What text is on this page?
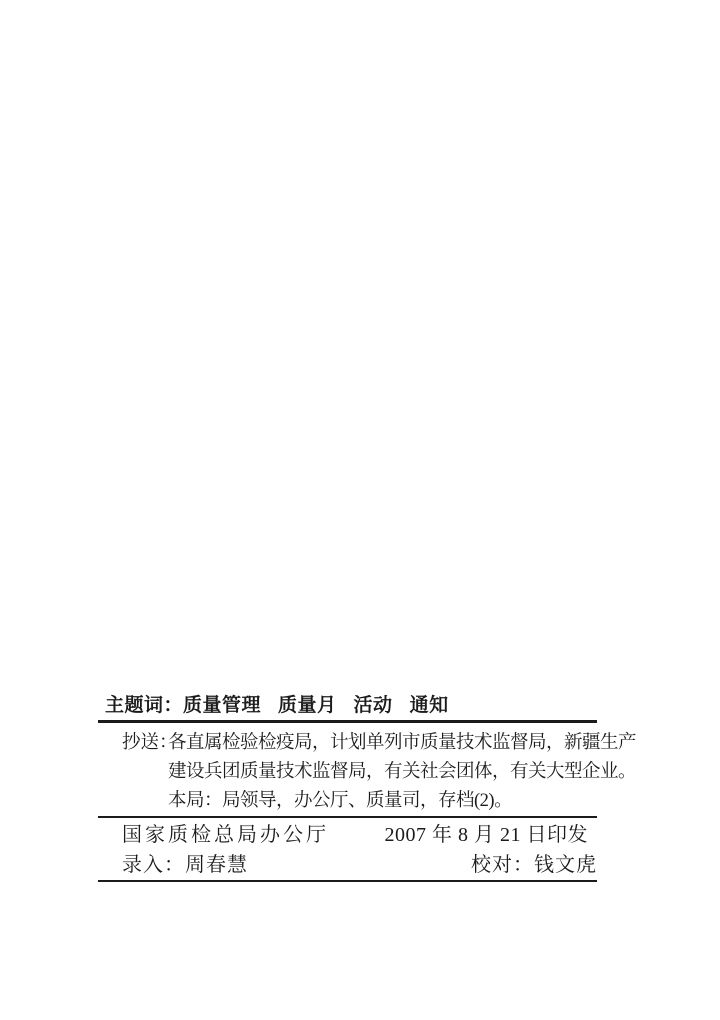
主题词：质量管理 质量月 活动 通知
抄送：
各直属检验检疫局，计划单列市质量技术监督局，新疆生产
建设兵团质量技术监督局，有关社会团体，有关大型企业。
本局：局领导，办公厅、质量司，存档(2)。
国家质检总局办公厅	2007 年 8 月 21 日印发
录入：周春慧	校对：钱文虎
